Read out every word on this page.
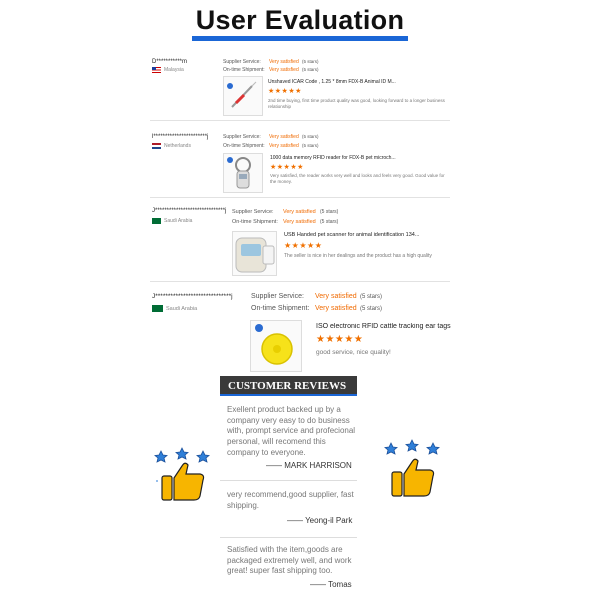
User Evaluation
D***********m
Malaysia
Supplier Service: Very satisfied (5 stars)
On-time Shipment: Very satisfied (5 stars)
Unshaved ICAR Code , 1.25 * 8mm FDX-B Animal ID M...
★★★★★
2nd time buying, first time product quality was good, looking forward to a longer business relationship
l***********************j
Netherlands
Supplier Service: Very satisfied (5 stars)
On-time Shipment: Very satisfied (5 stars)
1000 data memory RFID reader for FDX-B pet microch...
★★★★★
Very satisfied, the reader works very well and looks and feels very good. Good value for the money.
J******************************j
Saudi Arabia
Supplier Service: Very satisfied (5 stars)
On-time Shipment: Very satisfied (5 stars)
USB Handed pet scanner for animal identification 134...
★★★★★
The seller is nice in her dealings and the product has a high quality
J******************************j
Saudi Arabia
Supplier Service: Very satisfied (5 stars)
On-time Shipment: Very satisfied (5 stars)
ISO electronic RFID cattle tracking ear tags
★★★★★
good service, nice quality!
CUSTOMER REVIEWS
Exellent product backed up by a company very easy to do business with, prompt service and profecional personal, will recomend this company to everyone.
—— MARK HARRISON
very recommend,good supplier, fast shipping.
—— Yeong-il Park
Satisfied with the item,goods are packaged extremely well, and work great! super fast shipping too.
—— Tomas
